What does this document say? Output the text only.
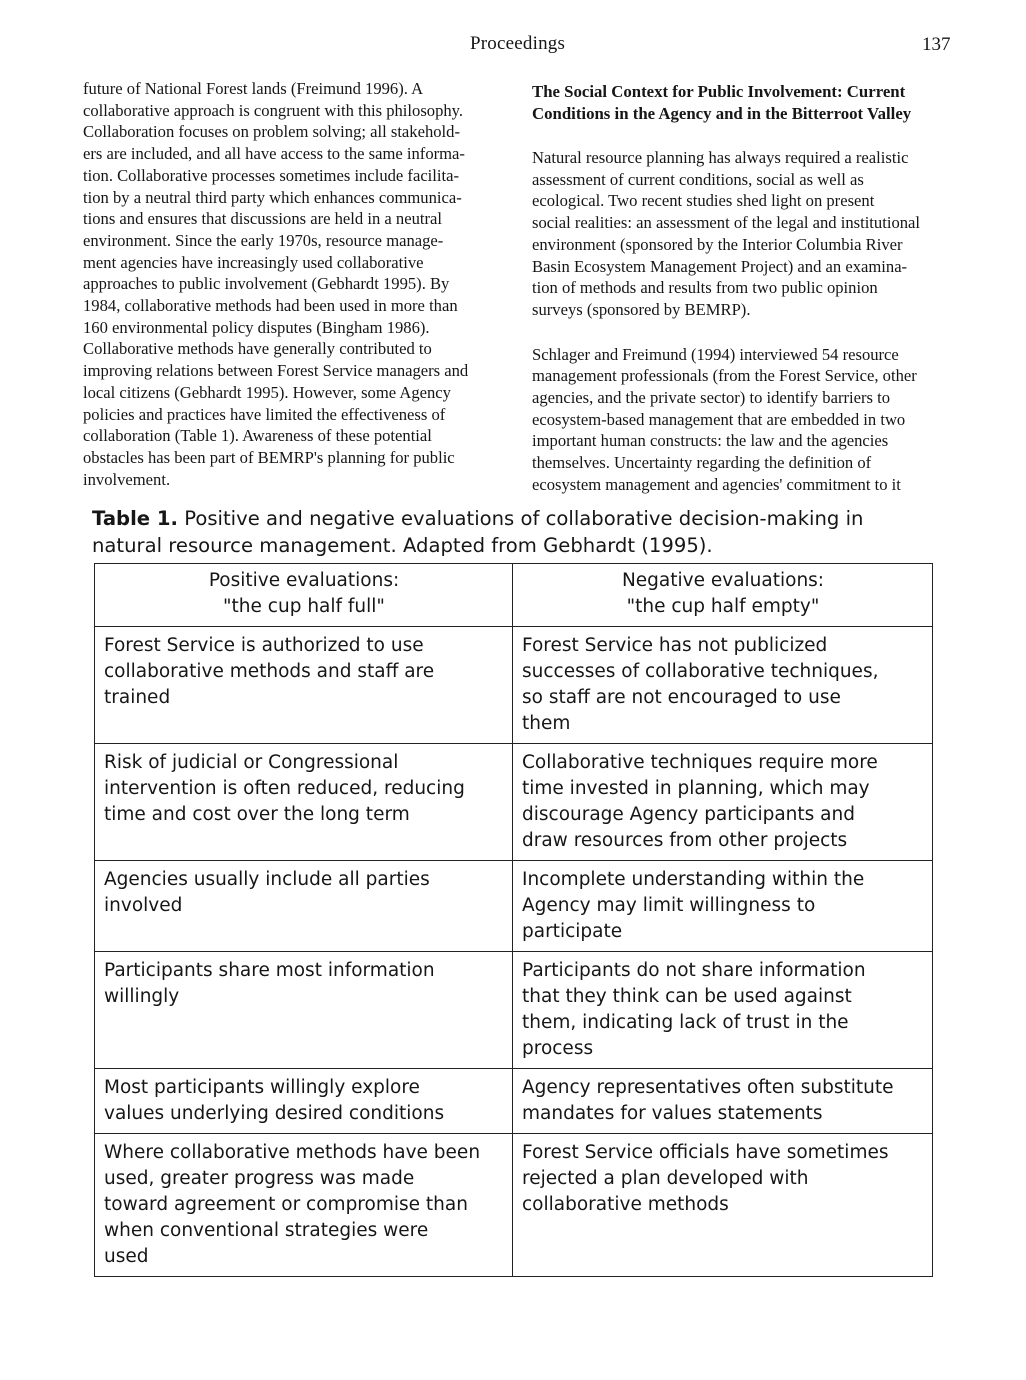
Proceedings	137

future of National Forest lands (Freimund 1996). A
collaborative approach is congruent with this philosophy.
Collaboration focuses on problem solving; all stakehold-
ers are included, and all have access to the same informa-
tion. Collaborative processes sometimes include facilita-
tion by a neutral third party which enhances communica-
tions and ensures that discussions are held in a neutral
environment. Since the early 1970s, resource manage-
ment agencies have increasingly used collaborative
approaches to public involvement (Gebhardt 1995). By
1984, collaborative methods had been used in more than
160 environmental policy disputes (Bingham 1986).
Collaborative methods have generally contributed to
improving relations between Forest Service managers and
local citizens (Gebhardt 1995). However, some Agency
policies and practices have limited the effectiveness of
collaboration (Table 1). Awareness of these potential
obstacles has been part of BEMRP's planning for public
involvement.

The Social Context for Public Involvement: Current
Conditions in the Agency and in the Bitterroot Valley

Natural resource planning has always required a realistic
assessment of current conditions, social as well as
ecological. Two recent studies shed light on present
social realities: an assessment of the legal and institutional
environment (sponsored by the Interior Columbia River
Basin Ecosystem Management Project) and an examina-
tion of methods and results from two public opinion
surveys (sponsored by BEMRP).

Schlager and Freimund (1994) interviewed 54 resource
management professionals (from the Forest Service, other
agencies, and the private sector) to identify barriers to
ecosystem-based management that are embedded in two
important human constructs: the law and the agencies
themselves. Uncertainty regarding the definition of
ecosystem management and agencies' commitment to it

Table 1. Positive and negative evaluations of collaborative decision-making in
natural resource management. Adapted from Gebhardt (1995).
Positive evaluations:
"the cup half full"	Negative evaluations:
"the cup half empty"

Forest Service is authorized to use
collaborative methods and staff are
trained	Forest Service has not publicized
successes of collaborative techniques,
so staff are not encouraged to use
them

Risk of judicial or Congressional
intervention is often reduced, reducing
time and cost over the long term	Collaborative techniques require more
time invested in planning, which may
discourage Agency participants and
draw resources from other projects

Agencies usually include all parties
involved	Incomplete understanding within the
Agency may limit willingness to
participate

Participants share most information
willingly	Participants do not share information
that they think can be used against
them, indicating lack of trust in the
process

Most participants willingly explore
values underlying desired conditions	Agency representatives often substitute
mandates for values statements

Where collaborative methods have been
used, greater progress was made
toward agreement or compromise than
when conventional strategies were
used	Forest Service officials have sometimes
rejected a plan developed with
collaborative methods
